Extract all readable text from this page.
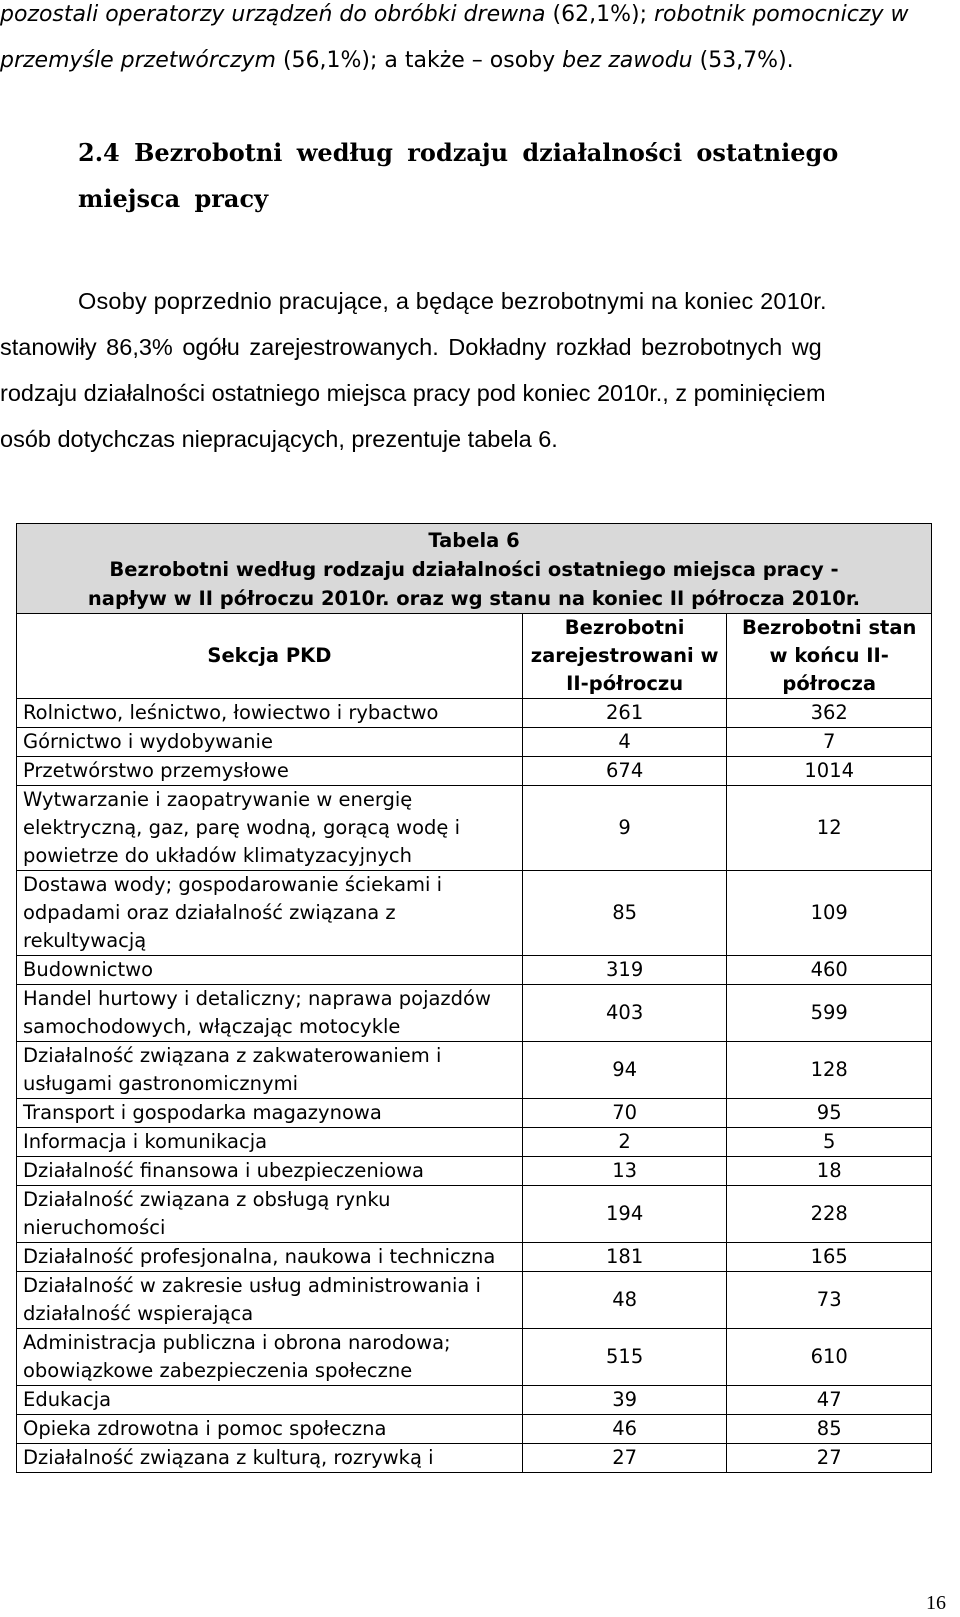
pozostali operatorzy urządzeń do obróbki drewna (62,1%); robotnik pomocniczy w
przemyśle przetwórczym (56,1%); a także – osoby bez zawodu (53,7%).
2.4 Bezrobotni według rodzaju działalności ostatniego miejsca pracy
Osoby poprzednio pracujące, a będące bezrobotnymi na koniec 2010r.
stanowiły 86,3% ogółu zarejestrowanych. Dokładny rozkład bezrobotnych wg
rodzaju działalności ostatniego miejsca pracy pod koniec 2010r., z pominięciem
osób dotychczas niepracujących, prezentuje tabela 6.
Tabela 6
Bezrobotni według rodzaju działalności ostatniego miejsca pracy -
napływ w II półroczu 2010r. oraz wg stanu na koniec II półrocza 2010r.		

Sekcja PKD	Bezrobotni zarejestrowani w II-półroczu	Bezrobotni stan w końcu II-półrocza
Rolnictwo, leśnictwo, łowiectwo i rybactwo	261	362
Górnictwo i wydobywanie	4	7
Przetwórstwo przemysłowe	674	1014
Wytwarzanie i zaopatrywanie w energię elektryczną, gaz, parę wodną, gorącą wodę i powietrze do układów klimatyzacyjnych	9	12
Dostawa wody; gospodarowanie ściekami i odpadami oraz działalność związana z rekultywacją	85	109
Budownictwo	319	460
Handel hurtowy i detaliczny; naprawa pojazdów samochodowych, włączając motocykle	403	599
Działalność związana z zakwaterowaniem i usługami gastronomicznymi	94	128
Transport i gospodarka magazynowa	70	95
Informacja i komunikacja	2	5
Działalność finansowa i ubezpieczeniowa	13	18
Działalność związana z obsługą rynku nieruchomości	194	228
Działalność profesjonalna, naukowa i techniczna	181	165
Działalność w zakresie usług administrowania i działalność wspierająca	48	73
Administracja publiczna i obrona narodowa; obowiązkowe zabezpieczenia społeczne	515	610
Edukacja	39	47
Opieka zdrowotna i pomoc społeczna	46	85
Działalność związana z kulturą, rozrywką i	27	27
16
